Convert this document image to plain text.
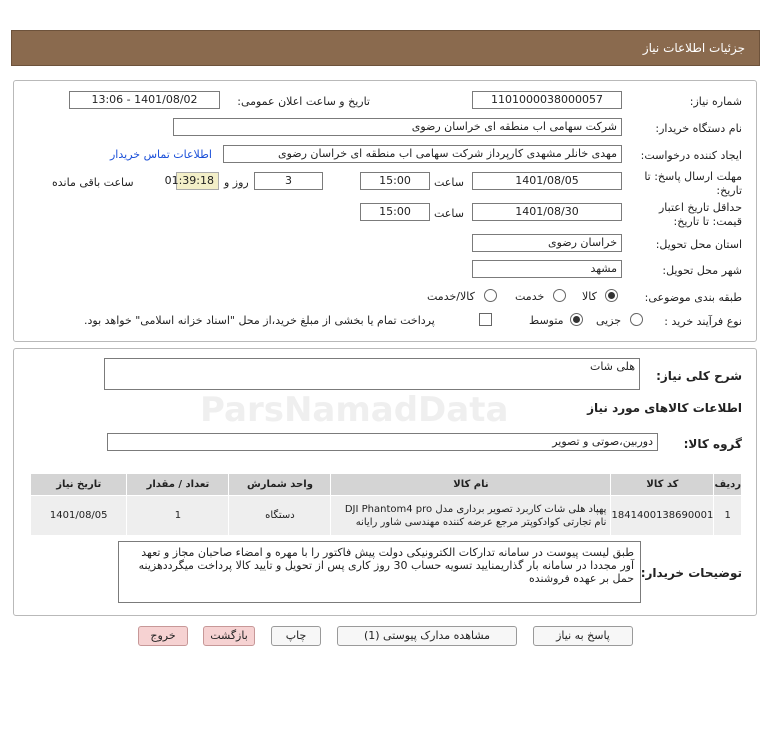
جزئیات اطلاعات نیاز
شماره نیاز:
1101000038000057
تاریخ و ساعت اعلان عمومی:
1401/08/02 - 13:06
نام دستگاه خریدار:
شرکت سهامی اب منطقه ای خراسان رضوی
ایجاد کننده درخواست:
مهدی خانلر مشهدی کارپرداز شرکت سهامی اب منطقه ای خراسان رضوی
اطلاعات تماس خریدار
مهلت ارسال پاسخ: تا
تاریخ:
1401/08/05
ساعت
15:00
3
روز و
01:39:18
ساعت باقی مانده
حداقل تاریخ اعتبار
قیمت: تا تاریخ:
1401/08/30
ساعت
15:00
استان محل تحویل:
خراسان رضوی
شهر محل تحویل:
مشهد
طبقه بندی موضوعی:
کالا
خدمت
کالا/خدمت
نوع فرآیند خرید :
جزیی
متوسط
پرداخت تمام یا بخشی از مبلغ خرید،از محل "اسناد خزانه اسلامی" خواهد بود.
ParsNamadData
شرح کلی نیاز:
هلی شات
اطلاعات کالاهای مورد نیاز
گروه کالا:
دوربین،صوتی و تصویر
ردیف	کد کالا	نام کالا	واحد شمارش	تعداد / مقدار	تاریخ نیاز
1	1841400138690001	پهپاد هلی شات کاربرد تصویر برداری مدل DJI Phantom4 pro
نام تجارتی کوادکوپتر مرجع عرضه کننده مهندسی شاور رایانه	دستگاه	1	1401/08/05
توضیحات خریدار:
طبق لیست پیوست در سامانه تدارکات الکترونیکی دولت پیش فاکتور را با مهره و امضاء صاحبان مجاز و تعهد آور مجددا در سامانه بار گذاریمنایید تسویه حساب 30 روز کاری پس از تحویل و تایید کالا پرداخت میگرددهزینه حمل بر عهده فروشنده
پاسخ به نیاز
مشاهده مدارک پیوستی (1)
چاپ
بازگشت
خروج
